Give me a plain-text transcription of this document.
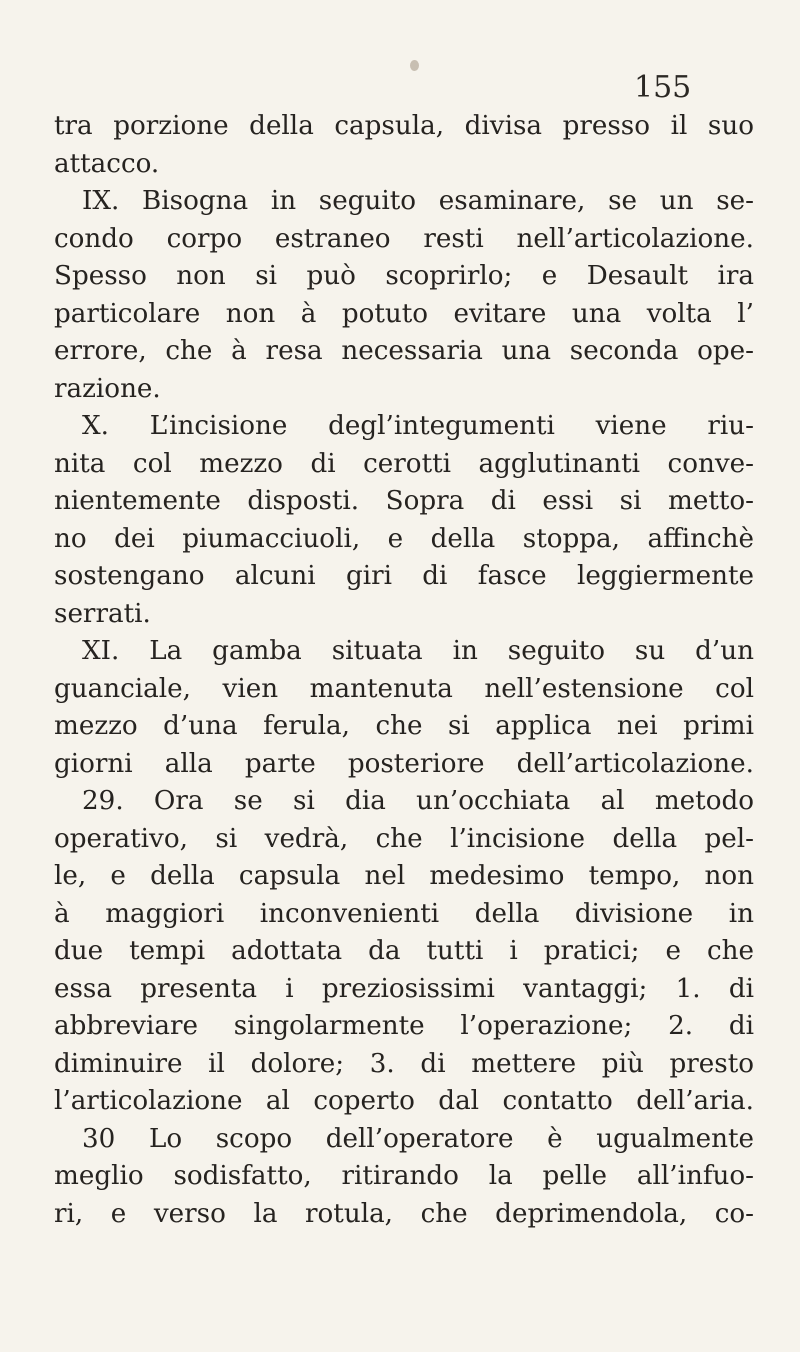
155
tra porzione della capsula, divisa presso il suo
attacco.
IX. Bisogna in seguito esaminare, se un se-
condo corpo estraneo resti nell’articolazione.
Spesso non si può scoprirlo; e Desault ira
particolare non à potuto evitare una volta l’
errore, che à resa necessaria una seconda ope-
razione.
X. L’incisione degl’integumenti viene riu-
nita col mezzo di cerotti agglutinanti conve-
nientemente disposti. Sopra di essi si metto-
no dei piumacciuoli, e della stoppa, affinchè
sostengano alcuni giri di fasce leggiermente
serrati.
XI. La gamba situata in seguito su d’un
guanciale, vien mantenuta nell’estensione col
mezzo d’una ferula, che si applica nei primi
giorni alla parte posteriore dell’articolazione.
29. Ora se si dia un’occhiata al metodo
operativo, si vedrà, che l’incisione della pel-
le, e della capsula nel medesimo tempo, non
à maggiori inconvenienti della divisione in
due tempi adottata da tutti i pratici; e che
essa presenta i preziosissimi vantaggi; 1. di
abbreviare singolarmente l’operazione; 2. di
diminuire il dolore; 3. di mettere più presto
l’articolazione al coperto dal contatto dell’aria.
30 Lo scopo dell’operatore è ugualmente
meglio sodisfatto, ritirando la pelle all’infuo-
ri, e verso la rotula, che deprimendola, co-
